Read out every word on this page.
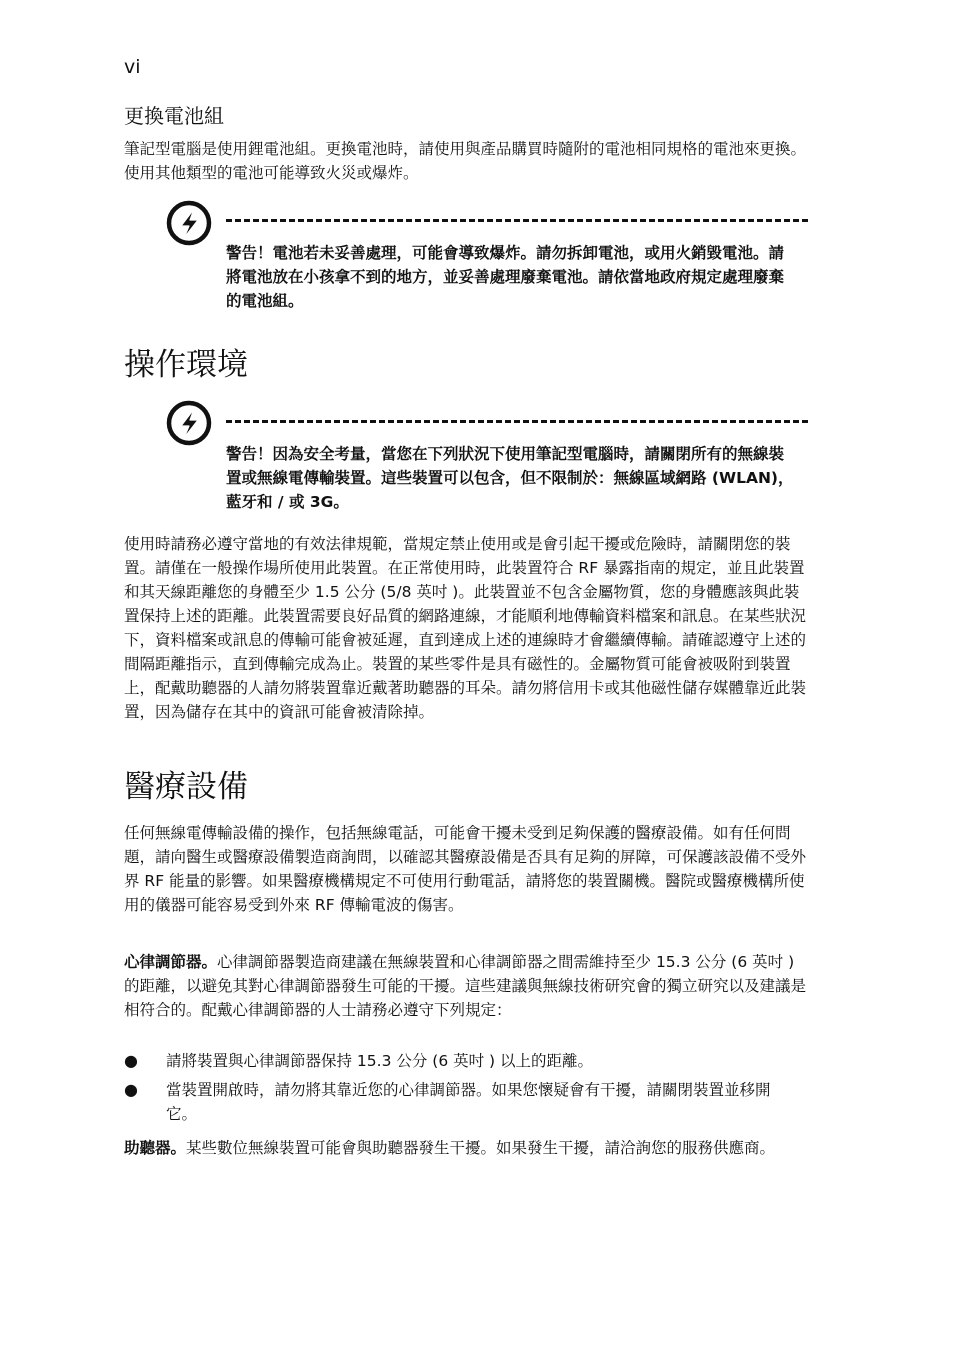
vi
更換電池組
筆記型電腦是使用鋰電池組。更換電池時，請使用與產品購買時隨附的電池相同規格的電池來更換。使用其他類型的電池可能導致火災或爆炸。
警告！電池若未妥善處理，可能會導致爆炸。請勿拆卸電池，或用火銷毀電池。請將電池放在小孩拿不到的地方，並妥善處理廢棄電池。請依當地政府規定處理廢棄的電池組。
操作環境
警告！因為安全考量，當您在下列狀況下使用筆記型電腦時，請關閉所有的無線裝置或無線電傳輸裝置。這些裝置可以包含，但不限制於：無線區域網路 (WLAN)，藍牙和 / 或 3G。
使用時請務必遵守當地的有效法律規範，當規定禁止使用或是會引起干擾或危險時，請關閉您的裝置。請僅在一般操作場所使用此裝置。在正常使用時，此裝置符合 RF 暴露指南的規定，並且此裝置和其天線距離您的身體至少 1.5 公分 (5/8 英吋 )。此裝置並不包含金屬物質，您的身體應該與此裝置保持上述的距離。此裝置需要良好品質的網路連線，才能順利地傳輸資料檔案和訊息。在某些狀況下，資料檔案或訊息的傳輸可能會被延遲，直到達成上述的連線時才會繼續傳輸。請確認遵守上述的間隔距離指示，直到傳輸完成為止。裝置的某些零件是具有磁性的。金屬物質可能會被吸附到裝置上，配戴助聽器的人請勿將裝置靠近戴著助聽器的耳朵。請勿將信用卡或其他磁性儲存媒體靠近此裝置，因為儲存在其中的資訊可能會被清除掉。
醫療設備
任何無線電傳輸設備的操作，包括無線電話，可能會干擾未受到足夠保護的醫療設備。如有任何問題，請向醫生或醫療設備製造商詢問，以確認其醫療設備是否具有足夠的屏障，可保護該設備不受外界 RF 能量的影響。如果醫療機構規定不可使用行動電話，請將您的裝置關機。醫院或醫療機構所使用的儀器可能容易受到外來 RF 傳輸電波的傷害。
心律調節器。心律調節器製造商建議在無線裝置和心律調節器之間需維持至少 15.3 公分 (6 英吋 ) 的距離，以避免其對心律調節器發生可能的干擾。這些建議與無線技術研究會的獨立研究以及建議是相符合的。配戴心律調節器的人士請務必遵守下列規定：
● 請將裝置與心律調節器保持 15.3 公分 (6 英吋 ) 以上的距離。
● 當裝置開啟時，請勿將其靠近您的心律調節器。如果您懷疑會有干擾，請關閉裝置並移開它。
助聽器。某些數位無線裝置可能會與助聽器發生干擾。如果發生干擾，請洽詢您的服務供應商。
